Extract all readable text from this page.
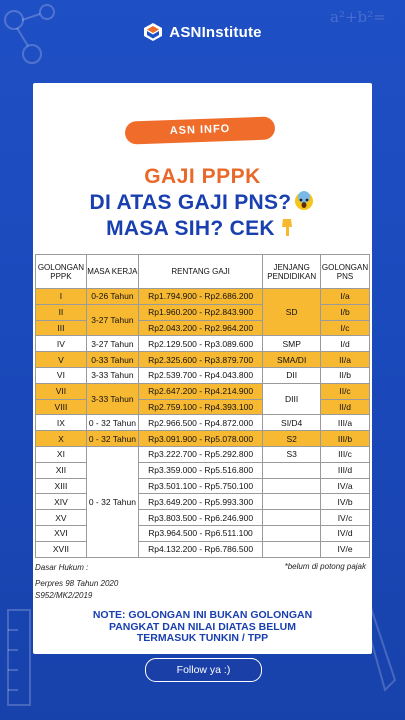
a²+b²=
ASNInstitute
ASN INFO
GAJI PPPK
DI ATAS GAJI PNS?
MASA SIH? CEK
GOLONGAN PPPK	MASA KERJA	RENTANG GAJI	JENJANG PENDIDIKAN	GOLONGAN PNS
I	0-26 Tahun	Rp1.794.900 - Rp2.686.200	SD	I/a
II	3-27 Tahun	Rp1.960.200 - Rp2.843.900		I/b
III		Rp2.043.200 - Rp2.964.200		I/c
IV	3-27 Tahun	Rp2.129.500 - Rp3.089.600	SMP	I/d
V	0-33 Tahun	Rp2.325.600 - Rp3.879.700	SMA/DI	II/a
VI	3-33 Tahun	Rp2.539.700 - Rp4.043.800	DII	II/b
VII	3-33 Tahun	Rp2.647.200 - Rp4.214.900	DIII	II/c
VIII		Rp2.759.100 - Rp4.393.100		II/d
IX	0 - 32 Tahun	Rp2.966.500 - Rp4.872.000	SI/D4	III/a
X	0 - 32 Tahun	Rp3.091.900 - Rp5.078.000	S2	III/b
XI	0 - 32 Tahun	Rp3.222.700 - Rp5.292.800	S3	III/c
XII		Rp3.359.000 - Rp5.516.800		III/d
XIII		Rp3.501.100 - Rp5.750.100		IV/a
XIV		Rp3.649.200 - Rp5.993.300		IV/b
XV		Rp3.803.500 - Rp6.246.900		IV/c
XVI		Rp3.964.500 - Rp6.511.100		IV/d
XVII		Rp4.132.200 - Rp6.786.500		IV/e
Dasar Hukum :
Perpres 98 Tahun 2020
S952/MK2/2019
*belum di potong pajak
NOTE: GOLONGAN INI BUKAN GOLONGAN
PANGKAT DAN NILAI DIATAS BELUM
TERMASUK TUNKIN / TPP
Follow ya :)
